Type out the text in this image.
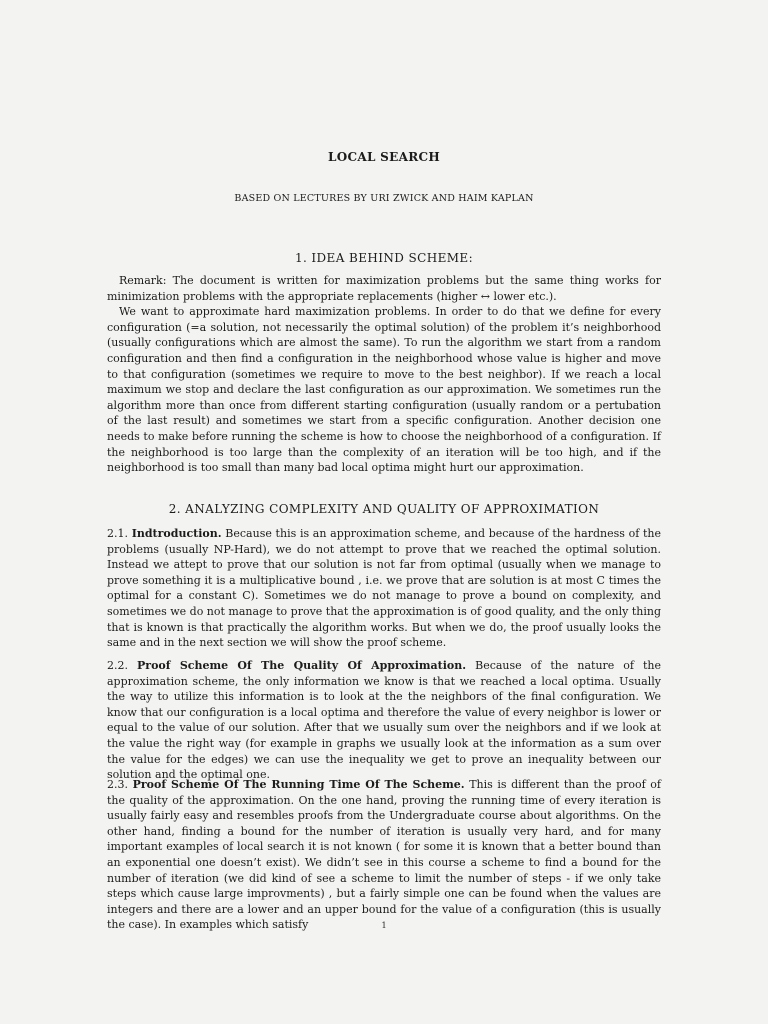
LOCAL SEARCH
BASED ON LECTURES BY URI ZWICK AND HAIM KAPLAN
1. IDEA BEHIND SCHEME:

Remark: The document is written for maximization problems but the same thing works for minimization problems with the appropriate replacements (higher ↔ lower etc.).

We want to approximate hard maximization problems. In order to do that we define for every configuration (=a solution, not necessarily the optimal solution) of the problem it’s neighborhood (usually configurations which are almost the same). To run the algorithm we start from a random configuration and then find a configuration in the neighborhood whose value is higher and move to that configuration (sometimes we require to move to the best neighbor). If we reach a local maximum we stop and declare the last configuration as our approximation. We sometimes run the algorithm more than once from different starting configuration (usually random or a pertubation of the last result) and sometimes we start from a specific configuration. Another decision one needs to make before running the scheme is how to choose the neighborhood of a configuration. If the neighborhood is too large than the complexity of an iteration will be too high, and if the neighborhood is too small than many bad local optima might hurt our approximation.

2. ANALYZING COMPLEXITY AND QUALITY OF APPROXIMATION

2.1. Indtroduction. Because this is an approximation scheme, and because of the hardness of the problems (usually NP-Hard), we do not attempt to prove that we reached the optimal solution. Instead we attept to prove that our solution is not far from optimal (usually when we manage to prove something it is a multiplicative bound , i.e. we prove that are solution is at most C times the optimal for a constant C). Sometimes we do not manage to prove a bound on complexity, and sometimes we do not manage to prove that the approximation is of good quality, and the only thing that is known is that practically the algorithm works. But when we do, the proof usually looks the same and in the next section we will show the proof scheme.

2.2. Proof Scheme Of The Quality Of Approximation. Because of the nature of the approximation scheme, the only information we know is that we reached a local optima. Usually the way to utilize this information is to look at the the neighbors of the final configuration. We know that our configuration is a local optima and therefore the value of every neighbor is lower or equal to the value of our solution. After that we usually sum over the neighbors and if we look at the value the right way (for example in graphs we usually look at the information as a sum over the value for the edges) we can use the inequality we get to prove an inequality between our solution and the optimal one.

2.3. Proof Scheme Of The Running Time Of The Scheme. This is different than the proof of the quality of the approximation. On the one hand, proving the running time of every iteration is usually fairly easy and resembles proofs from the Undergraduate course about algorithms. On the other hand, finding a bound for the number of iteration is usually very hard, and for many important examples of local search it is not known ( for some it is known that a better bound than an exponential one doesn’t exist). We didn’t see in this course a scheme to find a bound for the number of iteration (we did kind of see a scheme to limit the number of steps - if we only take steps which cause large improvments) , but a fairly simple one can be found when the values are integers and there are a lower and an upper bound for the value of a configuration (this is usually the case). In examples which satisfy	1
